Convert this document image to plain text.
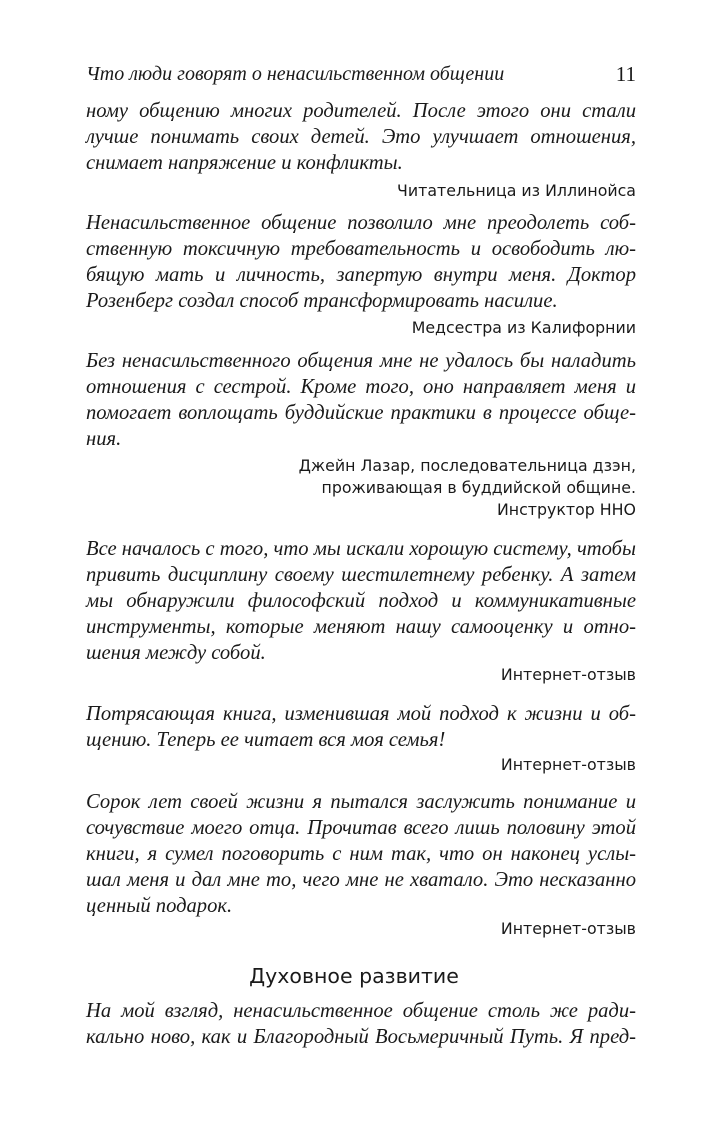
Что люди говорят о ненасильственном общении	11
ному общению многих родителей. После этого они стали
лучше понимать своих детей. Это улучшает отношения,
снимает напряжение и конфликты.
Читательница из Иллинойса
Ненасильственное общение позволило мне преодолеть соб-
ственную токсичную требовательность и освободить лю-
бящую мать и личность, запертую внутри меня. Доктор
Розенберг создал способ трансформировать насилие.
Медсестра из Калифорнии
Без ненасильственного общения мне не удалось бы наладить
отношения с сестрой. Кроме того, оно направляет меня и
помогает воплощать буддийские практики в процессе обще-
ния.
Джейн Лазар, последовательница дзэн,
проживающая в буддийской общине.
Инструктор ННО
Все началось с того, что мы искали хорошую систему, чтобы
привить дисциплину своему шестилетнему ребенку. А затем
мы обнаружили философский подход и коммуникативные
инструменты, которые меняют нашу самооценку и отно-
шения между собой.
Интернет-отзыв
Потрясающая книга, изменившая мой подход к жизни и об-
щению. Теперь ее читает вся моя семья!
Интернет-отзыв
Сорок лет своей жизни я пытался заслужить понимание и
сочувствие моего отца. Прочитав всего лишь половину этой
книги, я сумел поговорить с ним так, что он наконец услы-
шал меня и дал мне то, чего мне не хватало. Это несказанно
ценный подарок.
Интернет-отзыв
Духовное развитие
На мой взгляд, ненасильственное общение столь же ради-
кально ново, как и Благородный Восьмеричный Путь. Я пред-
